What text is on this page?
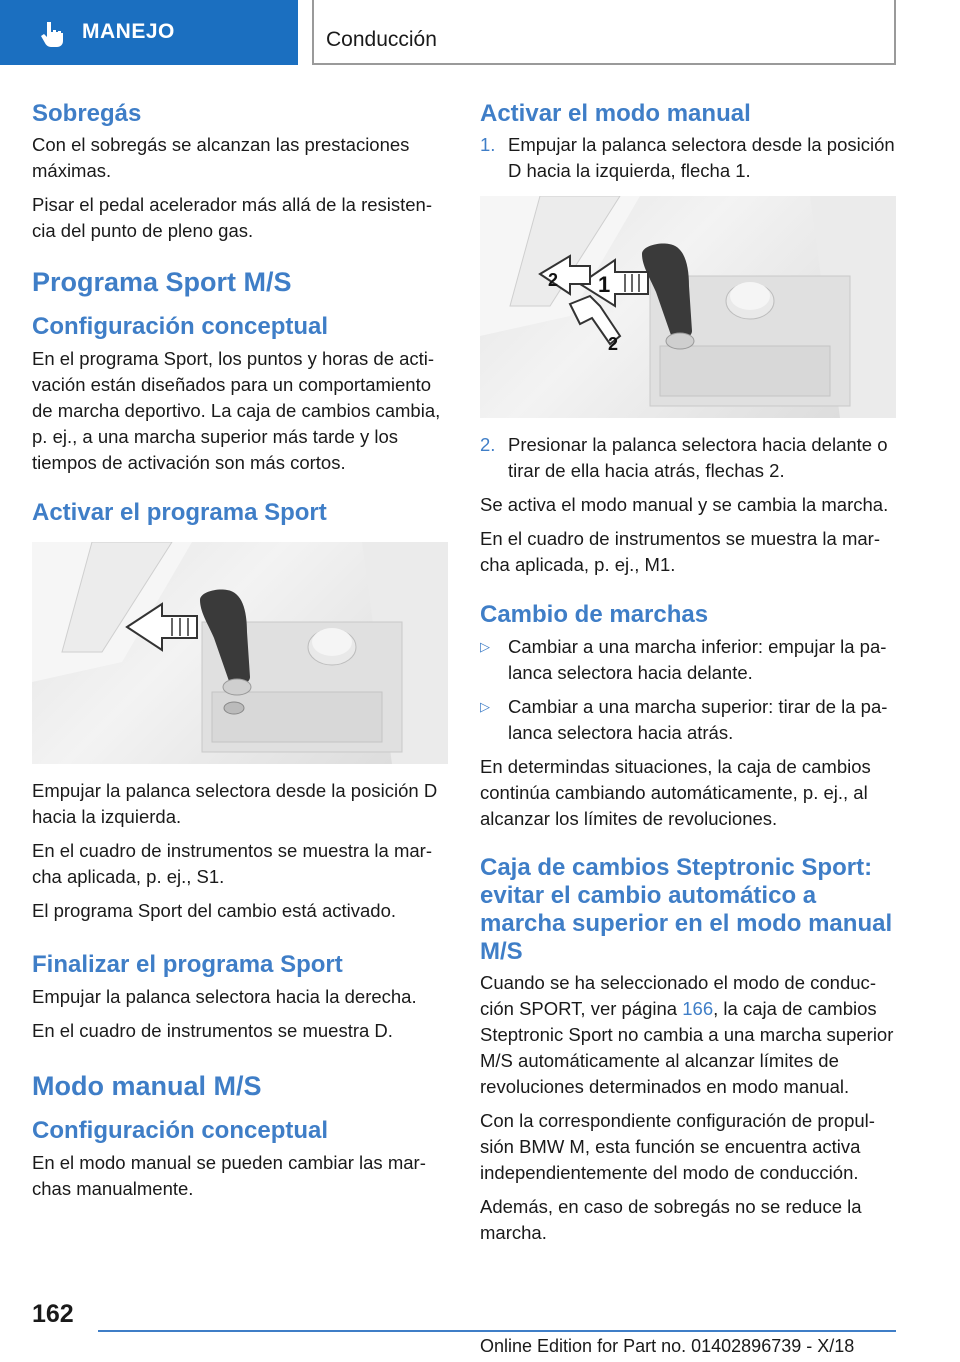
MANEJO	Conducción
Sobregás

Con el sobregás se alcanzan las prestaciones máximas.

Pisar el pedal acelerador más allá de la resistencia del punto de pleno gas.

Programa Sport M/S
Configuración conceptual

En el programa Sport, los puntos y horas de activación están diseñados para un comportamiento de marcha deportivo. La caja de cambios cambia, p. ej., a una marcha superior más tarde y los tiempos de activación son más cortos.

Activar el programa Sport

Empujar la palanca selectora desde la posición D hacia la izquierda.

En el cuadro de instrumentos se muestra la marcha aplicada, p. ej., S1.

El programa Sport del cambio está activado.

Finalizar el programa Sport

Empujar la palanca selectora hacia la derecha.

En el cuadro de instrumentos se muestra D.

Modo manual M/S
Configuración conceptual

En el modo manual se pueden cambiar las marchas manualmente.

Activar el modo manual
1. Empujar la palanca selectora desde la posición D hacia la izquierda, flecha 1.
1
2
2
2. Presionar la palanca selectora hacia delante o tirar de ella hacia atrás, flechas 2.

Se activa el modo manual y se cambia la marcha.

En el cuadro de instrumentos se muestra la marcha aplicada, p. ej., M1.

Cambio de marchas
▷ Cambiar a una marcha inferior: empujar la palanca selectora hacia delante.
▷ Cambiar a una marcha superior: tirar de la palanca selectora hacia atrás.

En determindas situaciones, la caja de cambios continúa cambiando automáticamente, p. ej., al alcanzar los límites de revoluciones.

Caja de cambios Steptronic Sport: evitar el cambio automático a marcha superior en el modo manual M/S

Cuando se ha seleccionado el modo de conducción SPORT, ver página 166, la caja de cambios Steptronic Sport no cambia a una marcha superior M/S automáticamente al alcanzar límites de revoluciones determinados en modo manual.

Con la correspondiente configuración de propulsión BMW M, esta función se encuentra activa independientemente del modo de conducción.

Además, en caso de sobregás no se reduce la marcha.

162
Online Edition for Part no. 01402896739 - X/18
